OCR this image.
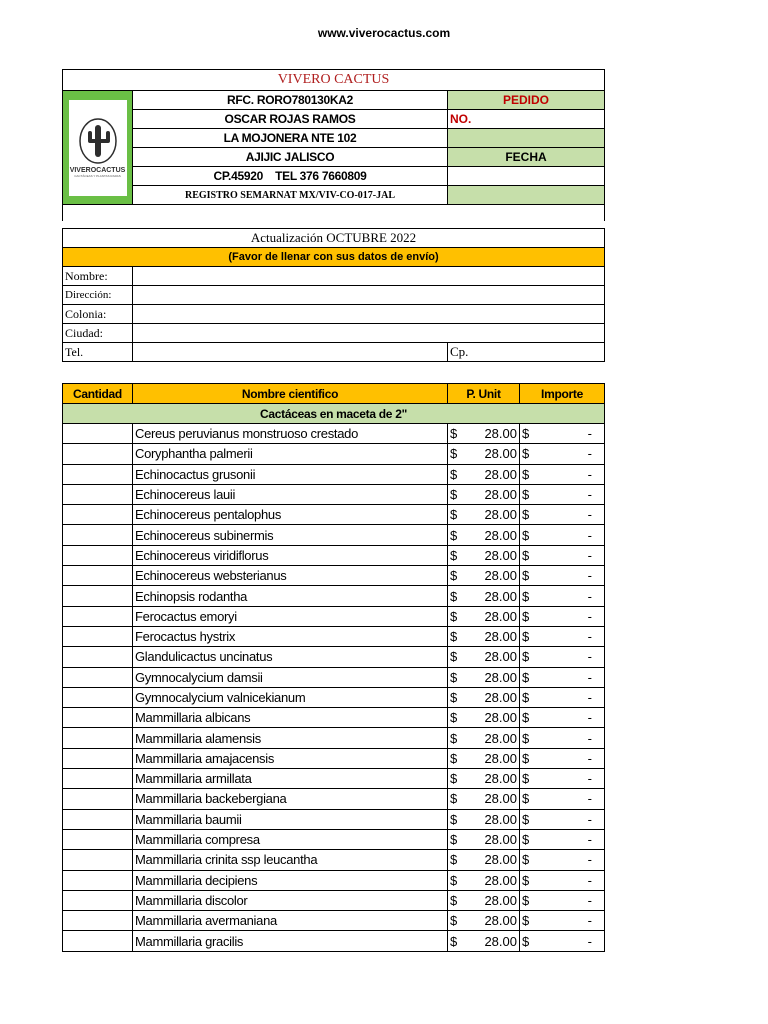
www.viverocactus.com
VIVERO CACTUS		

VIVEROCACTUS
CACTÁCEAS Y PLANTAS RARAS	RFC. RORO780130KA2	PEDIDO
	OSCAR ROJAS RAMOS	NO.
	LA MOJONERA NTE 102	
	AJIJIC JALISCO	FECHA
	CP.45920    TEL 376 7660809	
	REGISTRO SEMARNAT MX/VIV-CO-017-JAL	

Actualización OCTUBRE 2022		
(Favor de llenar con sus datos de envío)		
Nombre:		
Dirección:		
Colonia:		
Ciudad:		
Tel.		Cp.
Cantidad	Nombre cientifico	P. Unit	Importe
Cactáceas en maceta de 2"			
	Cereus peruvianus monstruoso crestado	$ 28.00	$ -

	Coryphantha palmerii	$ 28.00	$ -

	Echinocactus grusonii	$ 28.00	$ -

	Echinocereus lauii	$ 28.00	$ -

	Echinocereus pentalophus	$ 28.00	$ -

	Echinocereus subinermis	$ 28.00	$ -

	Echinocereus viridiflorus	$ 28.00	$ -

	Echinocereus websterianus	$ 28.00	$ -

	Echinopsis rodantha	$ 28.00	$ -

	Ferocactus emoryi	$ 28.00	$ -

	Ferocactus hystrix	$ 28.00	$ -

	Glandulicactus uncinatus	$ 28.00	$ -

	Gymnocalycium damsii	$ 28.00	$ -

	Gymnocalycium valnicekianum	$ 28.00	$ -

	Mammillaria albicans	$ 28.00	$ -

	Mammillaria alamensis	$ 28.00	$ -

	Mammillaria amajacensis	$ 28.00	$ -

	Mammillaria armillata	$ 28.00	$ -

	Mammillaria backebergiana	$ 28.00	$ -

	Mammillaria baumii	$ 28.00	$ -

	Mammillaria compresa	$ 28.00	$ -

	Mammillaria crinita ssp leucantha	$ 28.00	$ -

	Mammillaria decipiens	$ 28.00	$ -

	Mammillaria discolor	$ 28.00	$ -

	Mammillaria avermaniana	$ 28.00	$ -

	Mammillaria gracilis	$ 28.00	$ -
